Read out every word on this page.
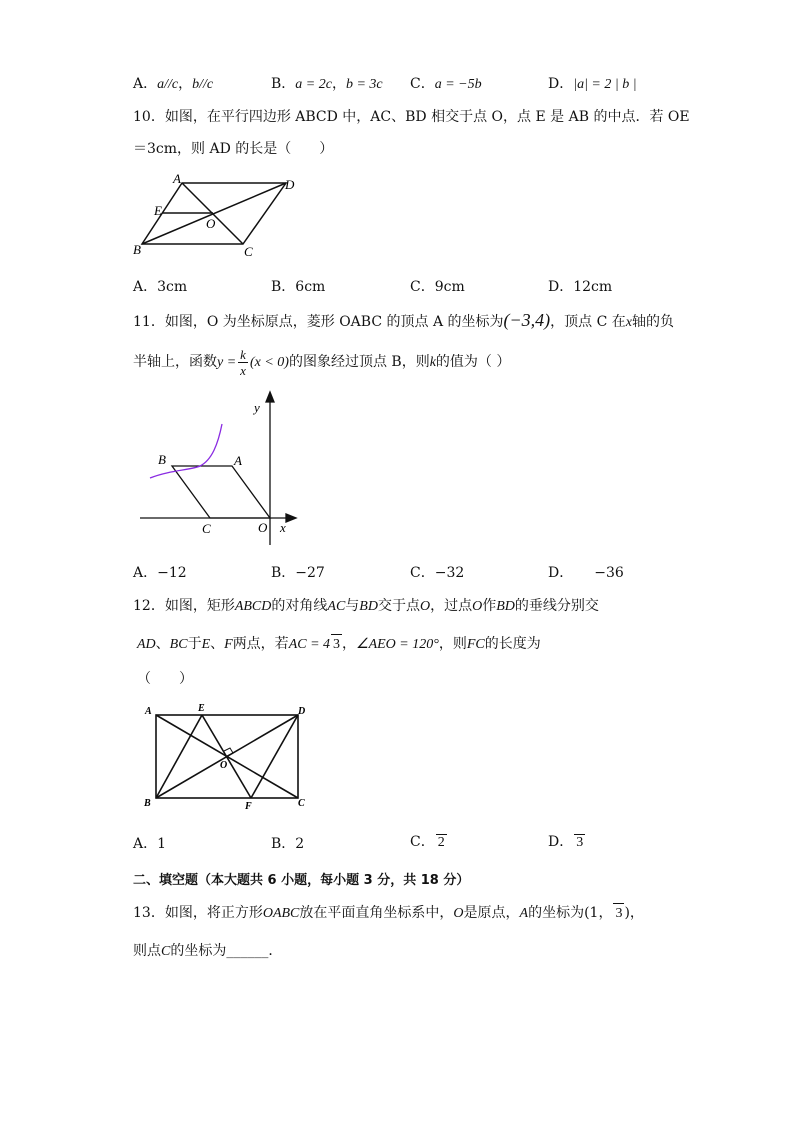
A．a//c，b//c	B．a = 2c，b = 3c C．a = −5b	D．|a| = 2 | b |
10．如图，在平行四边形 ABCD 中，AC、BD 相交于点 O，点 E 是 AB 的中点．若 OE
＝3cm，则 AD 的长是（　　）
A	D
E
O
B	C
A．3cm	B．6cm	C．9cm	D．12cm
11．如图，O 为坐标原点，菱形 OABC 的顶点 A 的坐标为(−3,4)，顶点 C 在x轴的负
半轴上，函数$y = \frac{k}{x} (x < 0)$的图象经过顶点 B，则k的值为（ ）
y
B	A
C	O x
A．−12	B．−27	C．−32	D．　　−36
12．如图，矩形ABCD的对角线AC与BD交于点O，过点O作BD的垂线分别交
AD、BC于E、F两点，若AC = 4 3 ，∠AEO = 120°，则FC的长度为
（　　）
A	E	D
O
B	F	C
A．1	B．2	C． 2	D． 3
二、填空题（本大题共 6 小题，每小题 3 分，共 18 分）
13．如图，将正方形OABC放在平面直角坐标系中，O是原点，A的坐标为(1， 3 )，
则点C的坐标为______．
